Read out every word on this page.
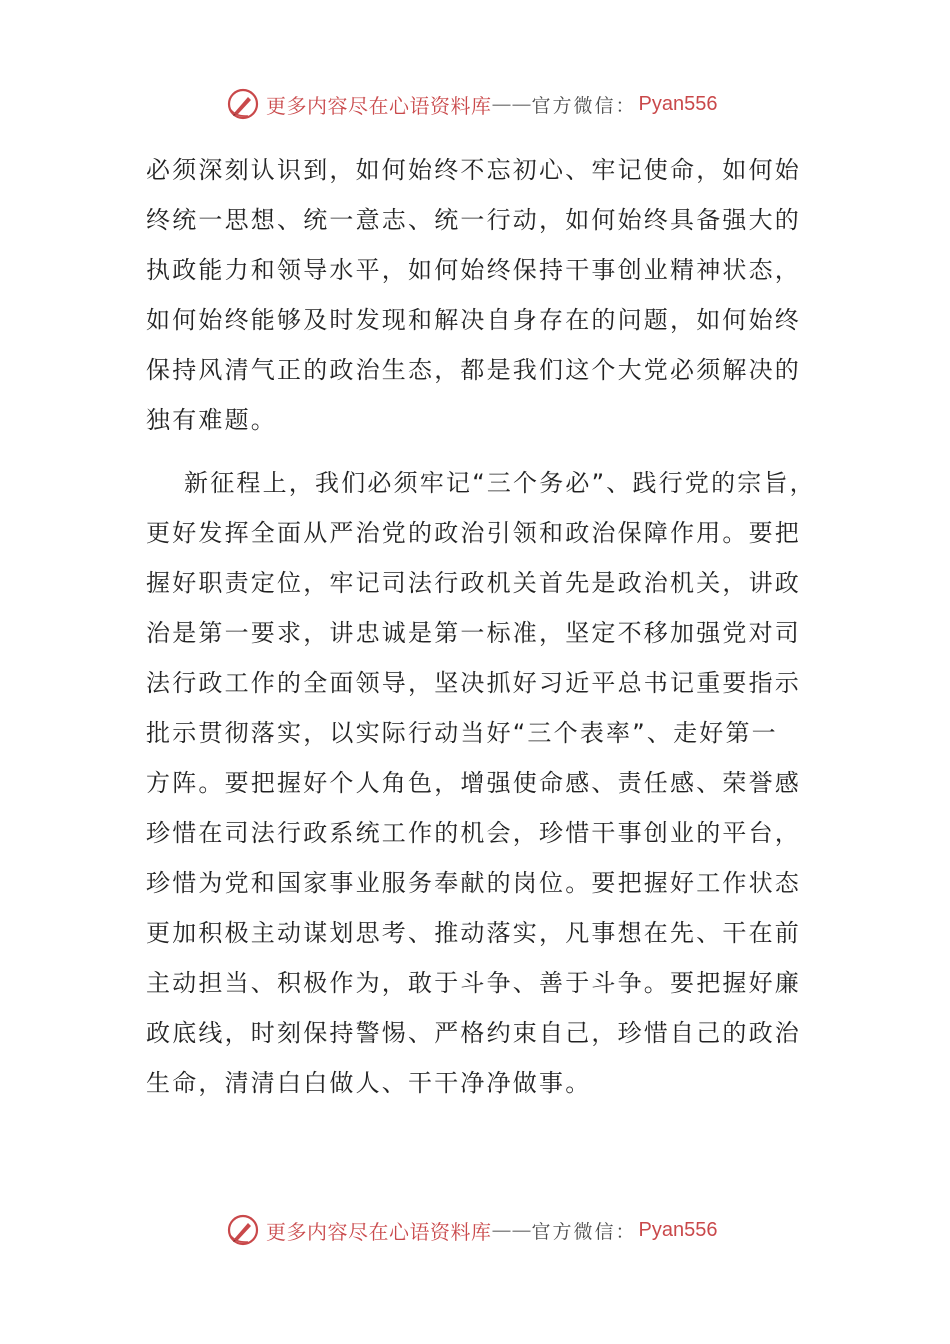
更多内容尽在心语资料库 —— 官方微信： Pyan556
必须深刻认识到，如何始终不忘初心、牢记使命，如何始
终统一思想、统一意志、统一行动，如何始终具备强大的
执政能力和领导水平，如何始终保持干事创业精神状态，
如何始终能够及时发现和解决自身存在的问题，如何始终
保持风清气正的政治生态，都是我们这个大党必须解决的
独有难题。
新征程上，我们必须牢记“三个务必”、践行党的宗旨，
更好发挥全面从严治党的政治引领和政治保障作用。要把
握好职责定位，牢记司法行政机关首先是政治机关，讲政
治是第一要求，讲忠诚是第一标准，坚定不移加强党对司
法行政工作的全面领导，坚决抓好习近平总书记重要指示
批示贯彻落实，以实际行动当好“三个表率”、走好第一
方阵。要把握好个人角色，增强使命感、责任感、荣誉感
珍惜在司法行政系统工作的机会，珍惜干事创业的平台，
珍惜为党和国家事业服务奉献的岗位。要把握好工作状态
更加积极主动谋划思考、推动落实，凡事想在先、干在前
主动担当、积极作为，敢于斗争、善于斗争。要把握好廉
政底线，时刻保持警惕、严格约束自己，珍惜自己的政治
生命，清清白白做人、干干净净做事。
更多内容尽在心语资料库 —— 官方微信： Pyan556
